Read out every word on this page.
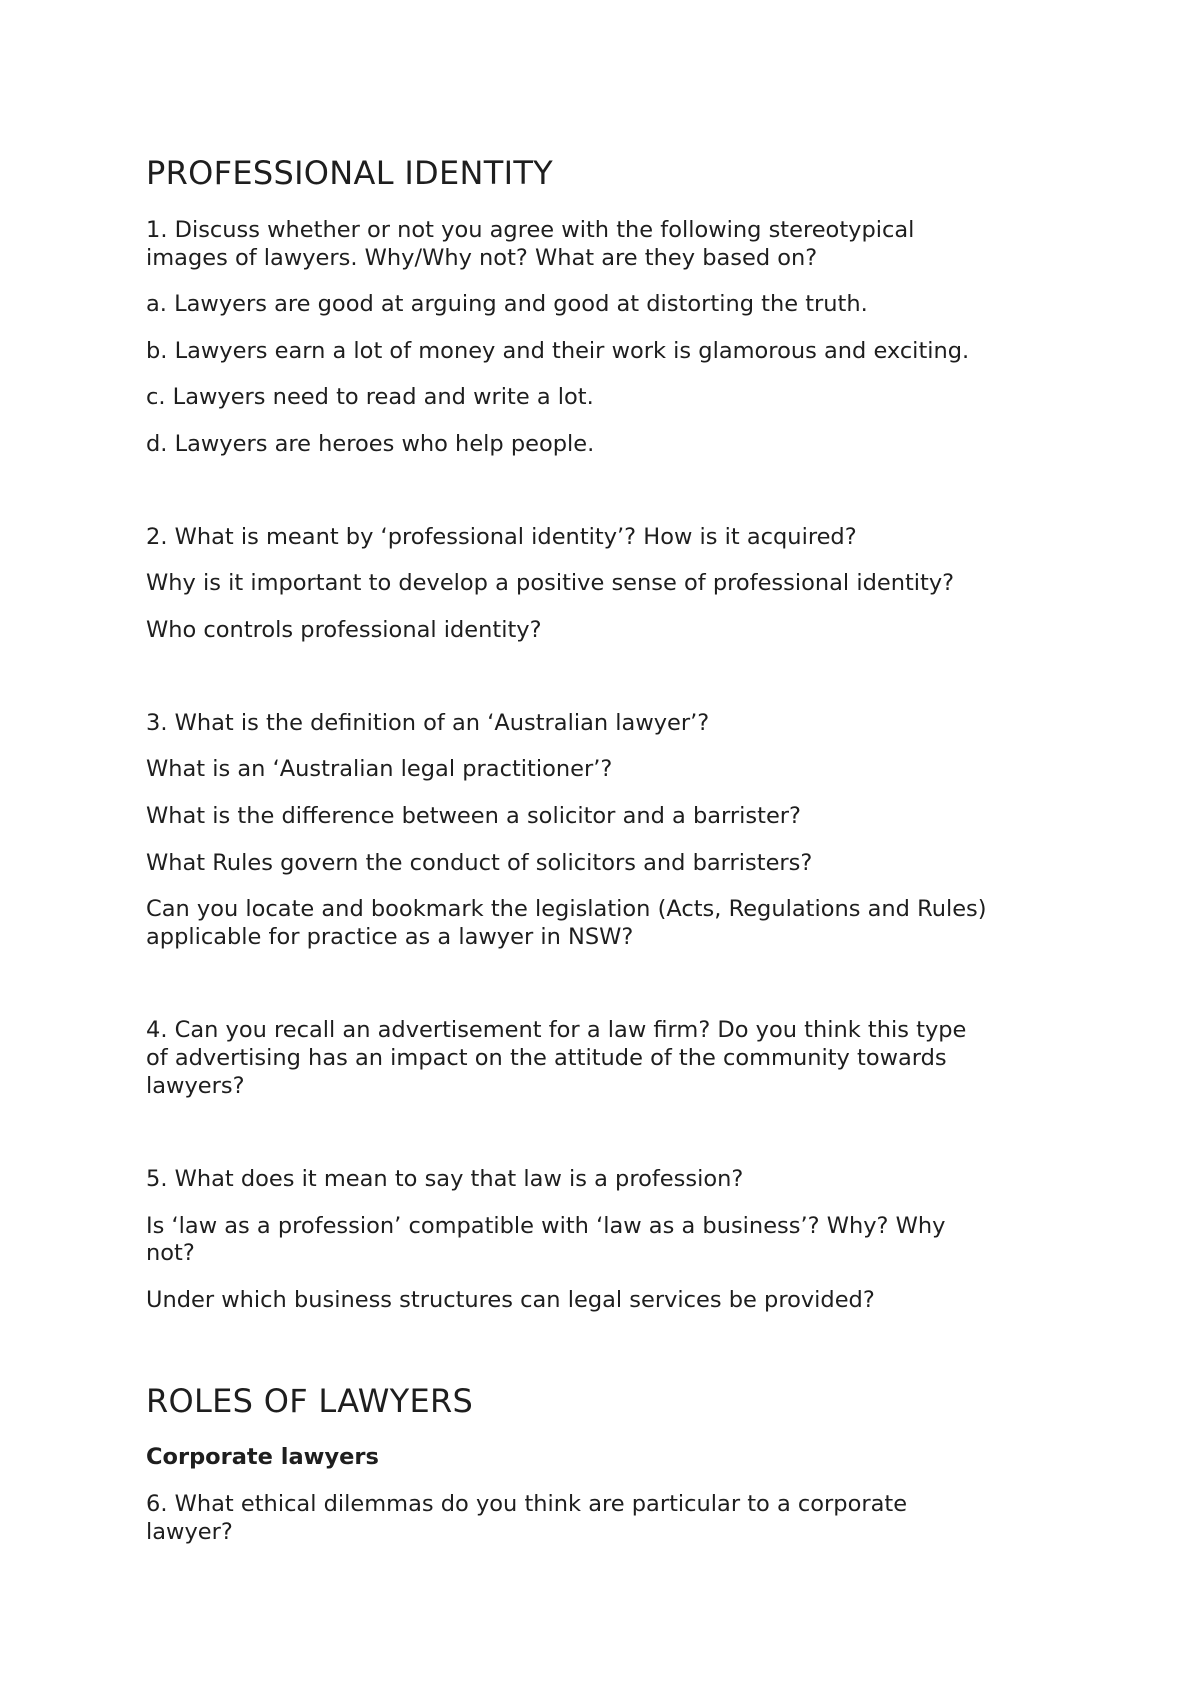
PROFESSIONAL IDENTITY

1. Discuss whether or not you agree with the following stereotypical

images of lawyers. Why/Why not? What are they based on?

a. Lawyers are good at arguing and good at distorting the truth.

b. Lawyers earn a lot of money and their work is glamorous and exciting.

c. Lawyers need to read and write a lot.

d. Lawyers are heroes who help people.

2. What is meant by ‘professional identity’? How is it acquired?

Why is it important to develop a positive sense of professional identity?

Who controls professional identity?

3. What is the definition of an ‘Australian lawyer’?

What is an ‘Australian legal practitioner’?

What is the difference between a solicitor and a barrister?

What Rules govern the conduct of solicitors and barristers?

Can you locate and bookmark the legislation (Acts, Regulations and Rules)

applicable for practice as a lawyer in NSW?

4. Can you recall an advertisement for a law firm? Do you think this type

of advertising has an impact on the attitude of the community towards

lawyers?

5. What does it mean to say that law is a profession?

Is ‘law as a profession’ compatible with ‘law as a business’? Why? Why

not?

Under which business structures can legal services be provided?

ROLES OF LAWYERS

Corporate lawyers

6. What ethical dilemmas do you think are particular to a corporate

lawyer?
